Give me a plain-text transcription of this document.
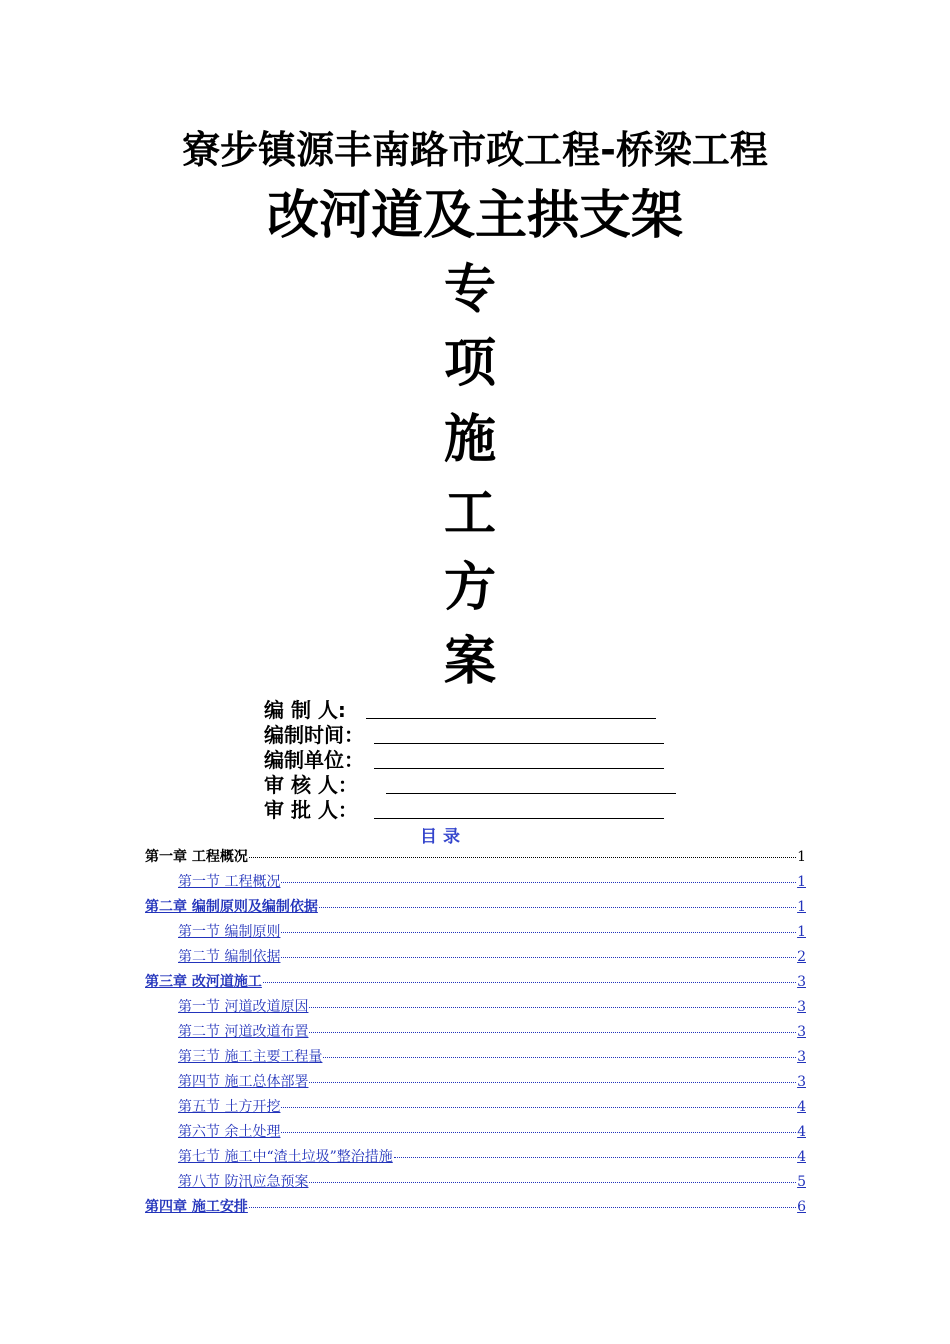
寮步镇源丰南路市政工程-桥梁工程
改河道及主拱支架
专
项
施
工
方
案
编 制 人:
编制时间：
编制单位：
审 核 人：
审 批 人：
目 录
第一章 工程概况	1
第一节 工程概况	1
第二章 编制原则及编制依据	1
第一节 编制原则	1
第二节 编制依据	2
第三章 改河道施工	3
第一节 河道改道原因	3
第二节 河道改道布置	3
第三节 施工主要工程量	3
第四节 施工总体部署	3
第五节 土方开挖	4
第六节 余土处理	4
第七节 施工中“渣土垃圾”整治措施	4
第八节 防汛应急预案	5
第四章 施工安排	6
